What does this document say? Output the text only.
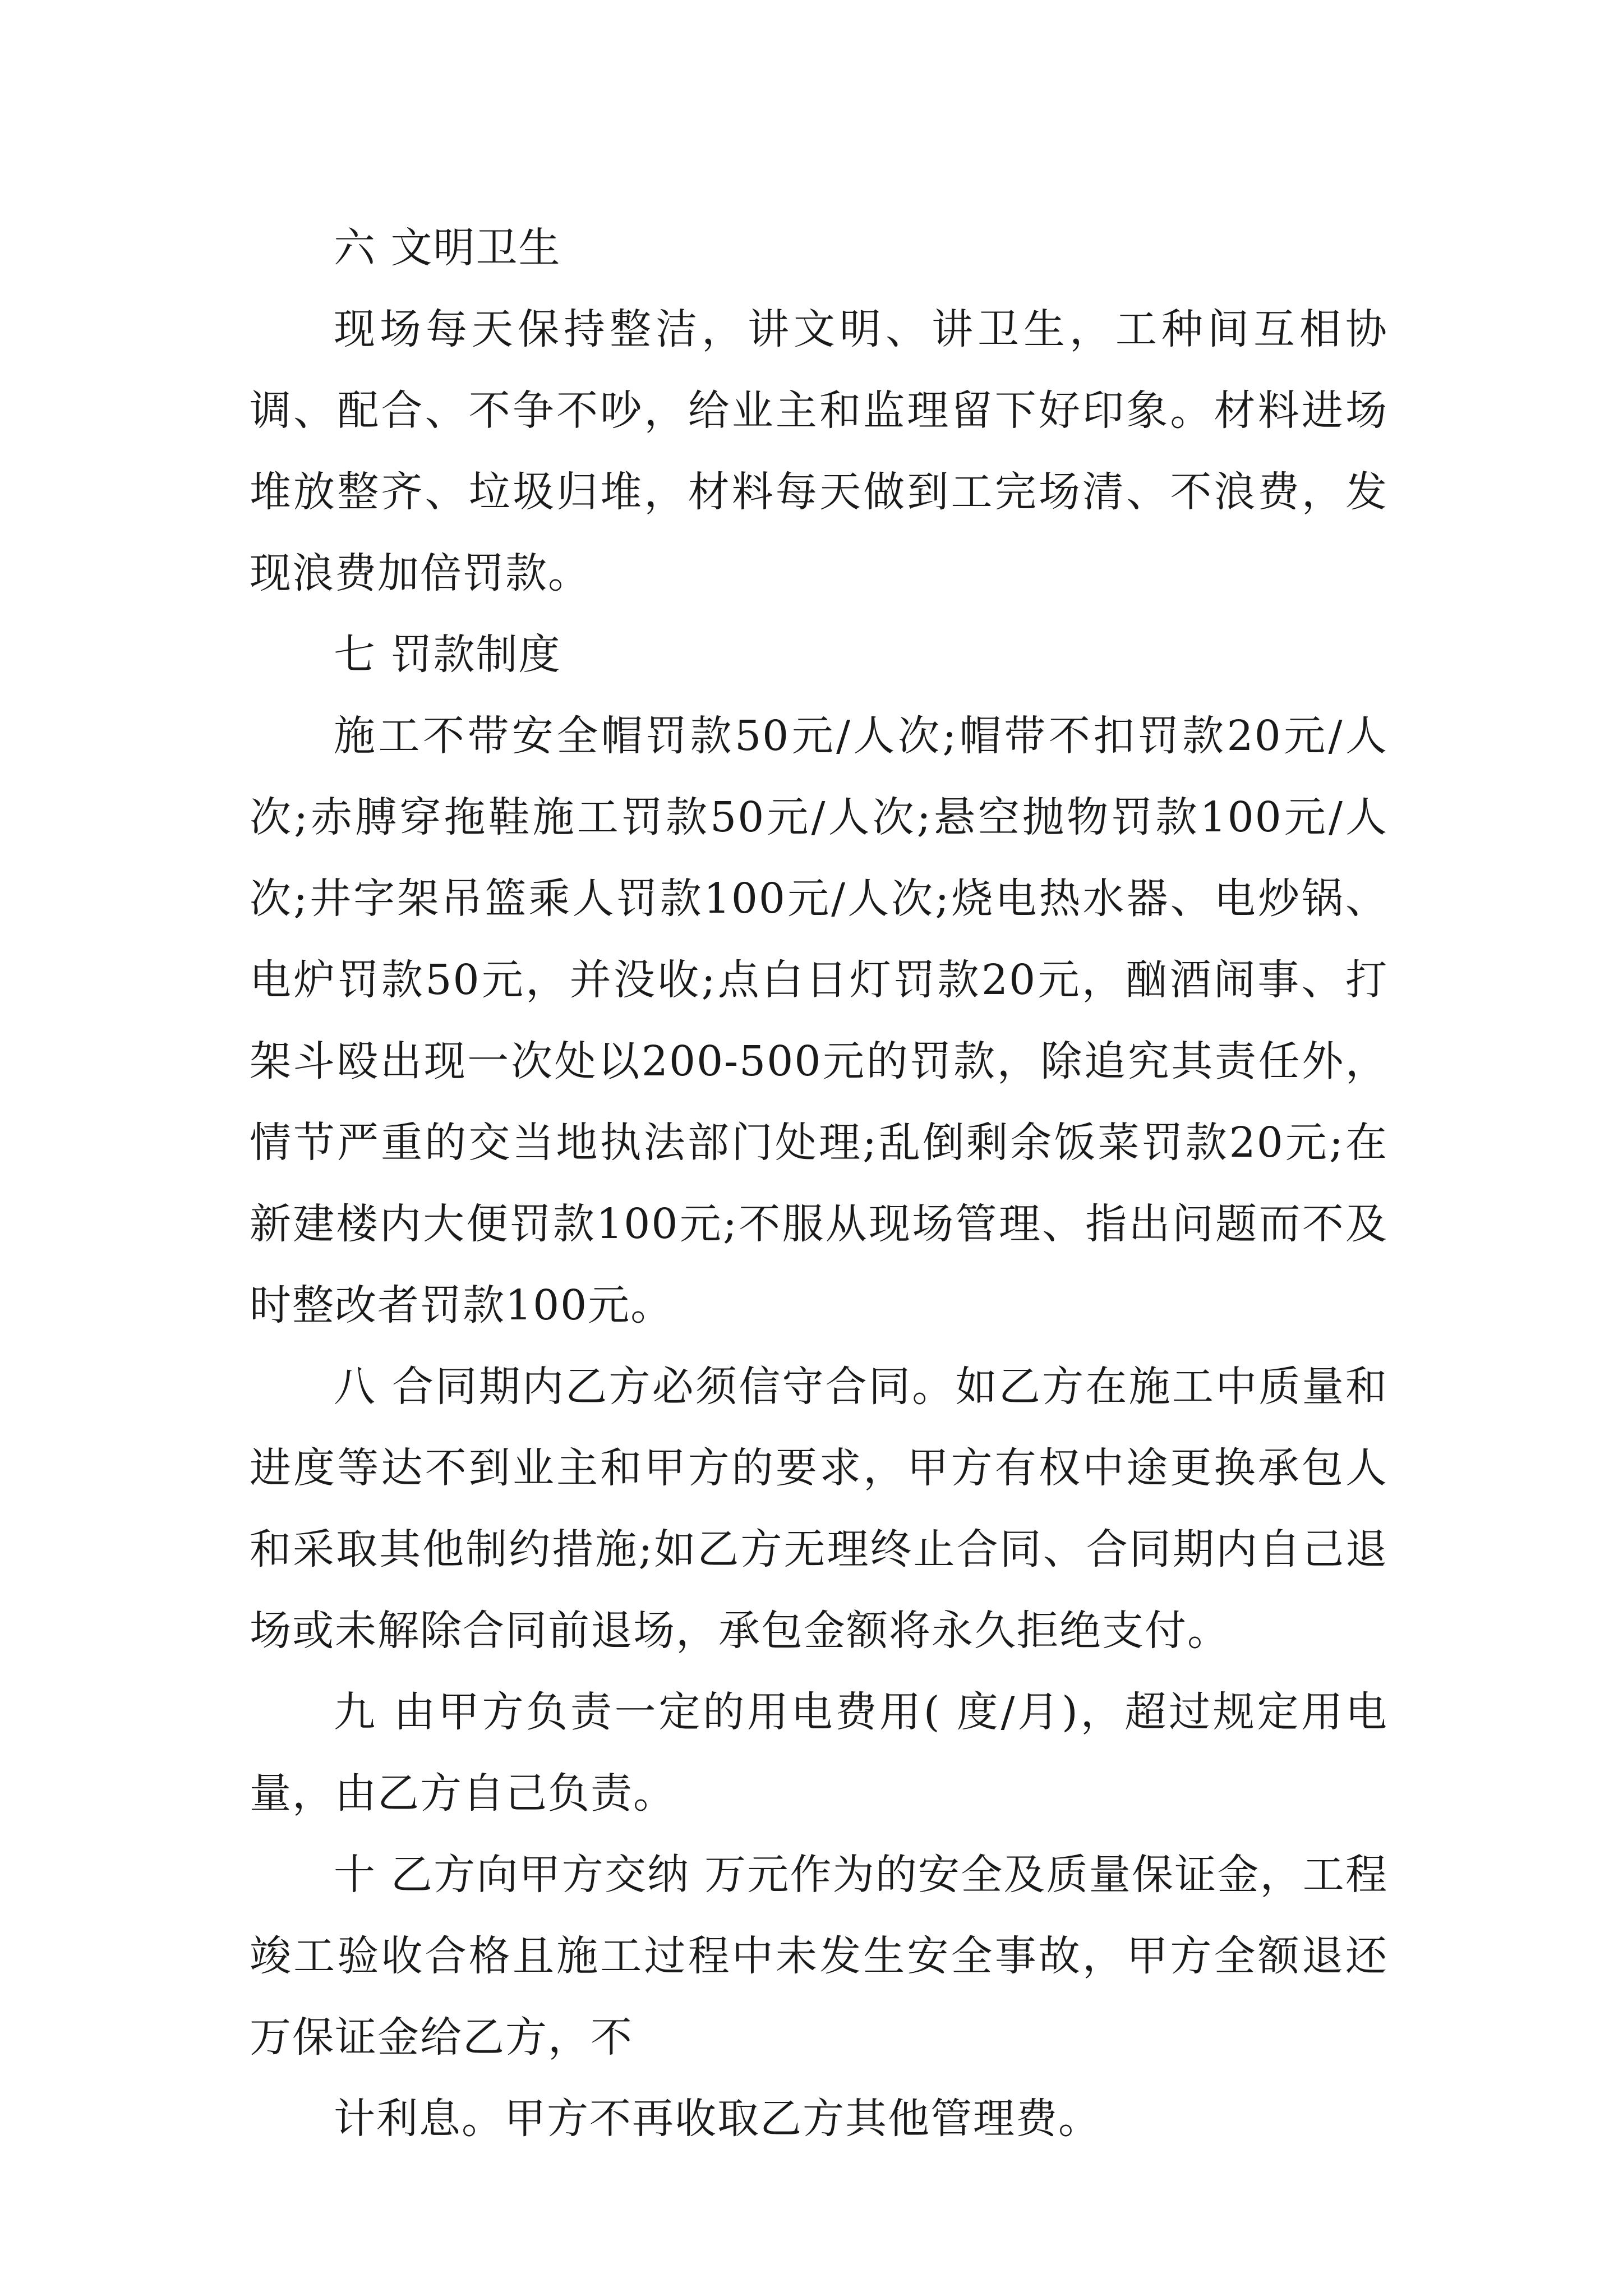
六 文明卫生

现场每天保持整洁，讲文明、讲卫生，工种间互相协调、配合、不争不吵，给业主和监理留下好印象。材料进场堆放整齐、垃圾归堆，材料每天做到工完场清、不浪费，发现浪费加倍罚款。

七 罚款制度

施工不带安全帽罚款50元/人次;帽带不扣罚款20元/人次;赤膊穿拖鞋施工罚款50元/人次;悬空抛物罚款100元/人次;井字架吊篮乘人罚款100元/人次;烧电热水器、电炒锅、电炉罚款50元，并没收;点白日灯罚款20元，酗酒闹事、打架斗殴出现一次处以200-500元的罚款，除追究其责任外，情节严重的交当地执法部门处理;乱倒剩余饭菜罚款20元;在新建楼内大便罚款100元;不服从现场管理、指出问题而不及时整改者罚款100元。

八 合同期内乙方必须信守合同。如乙方在施工中质量和进度等达不到业主和甲方的要求，甲方有权中途更换承包人和采取其他制约措施;如乙方无理终止合同、合同期内自己退场或未解除合同前退场，承包金额将永久拒绝支付。

九 由甲方负责一定的用电费用( 度/月)，超过规定用电量，由乙方自己负责。

十 乙方向甲方交纳 万元作为的安全及质量保证金，工程竣工验收合格且施工过程中未发生安全事故，甲方全额退还 万保证金给乙方，不

计利息。甲方不再收取乙方其他管理费。
